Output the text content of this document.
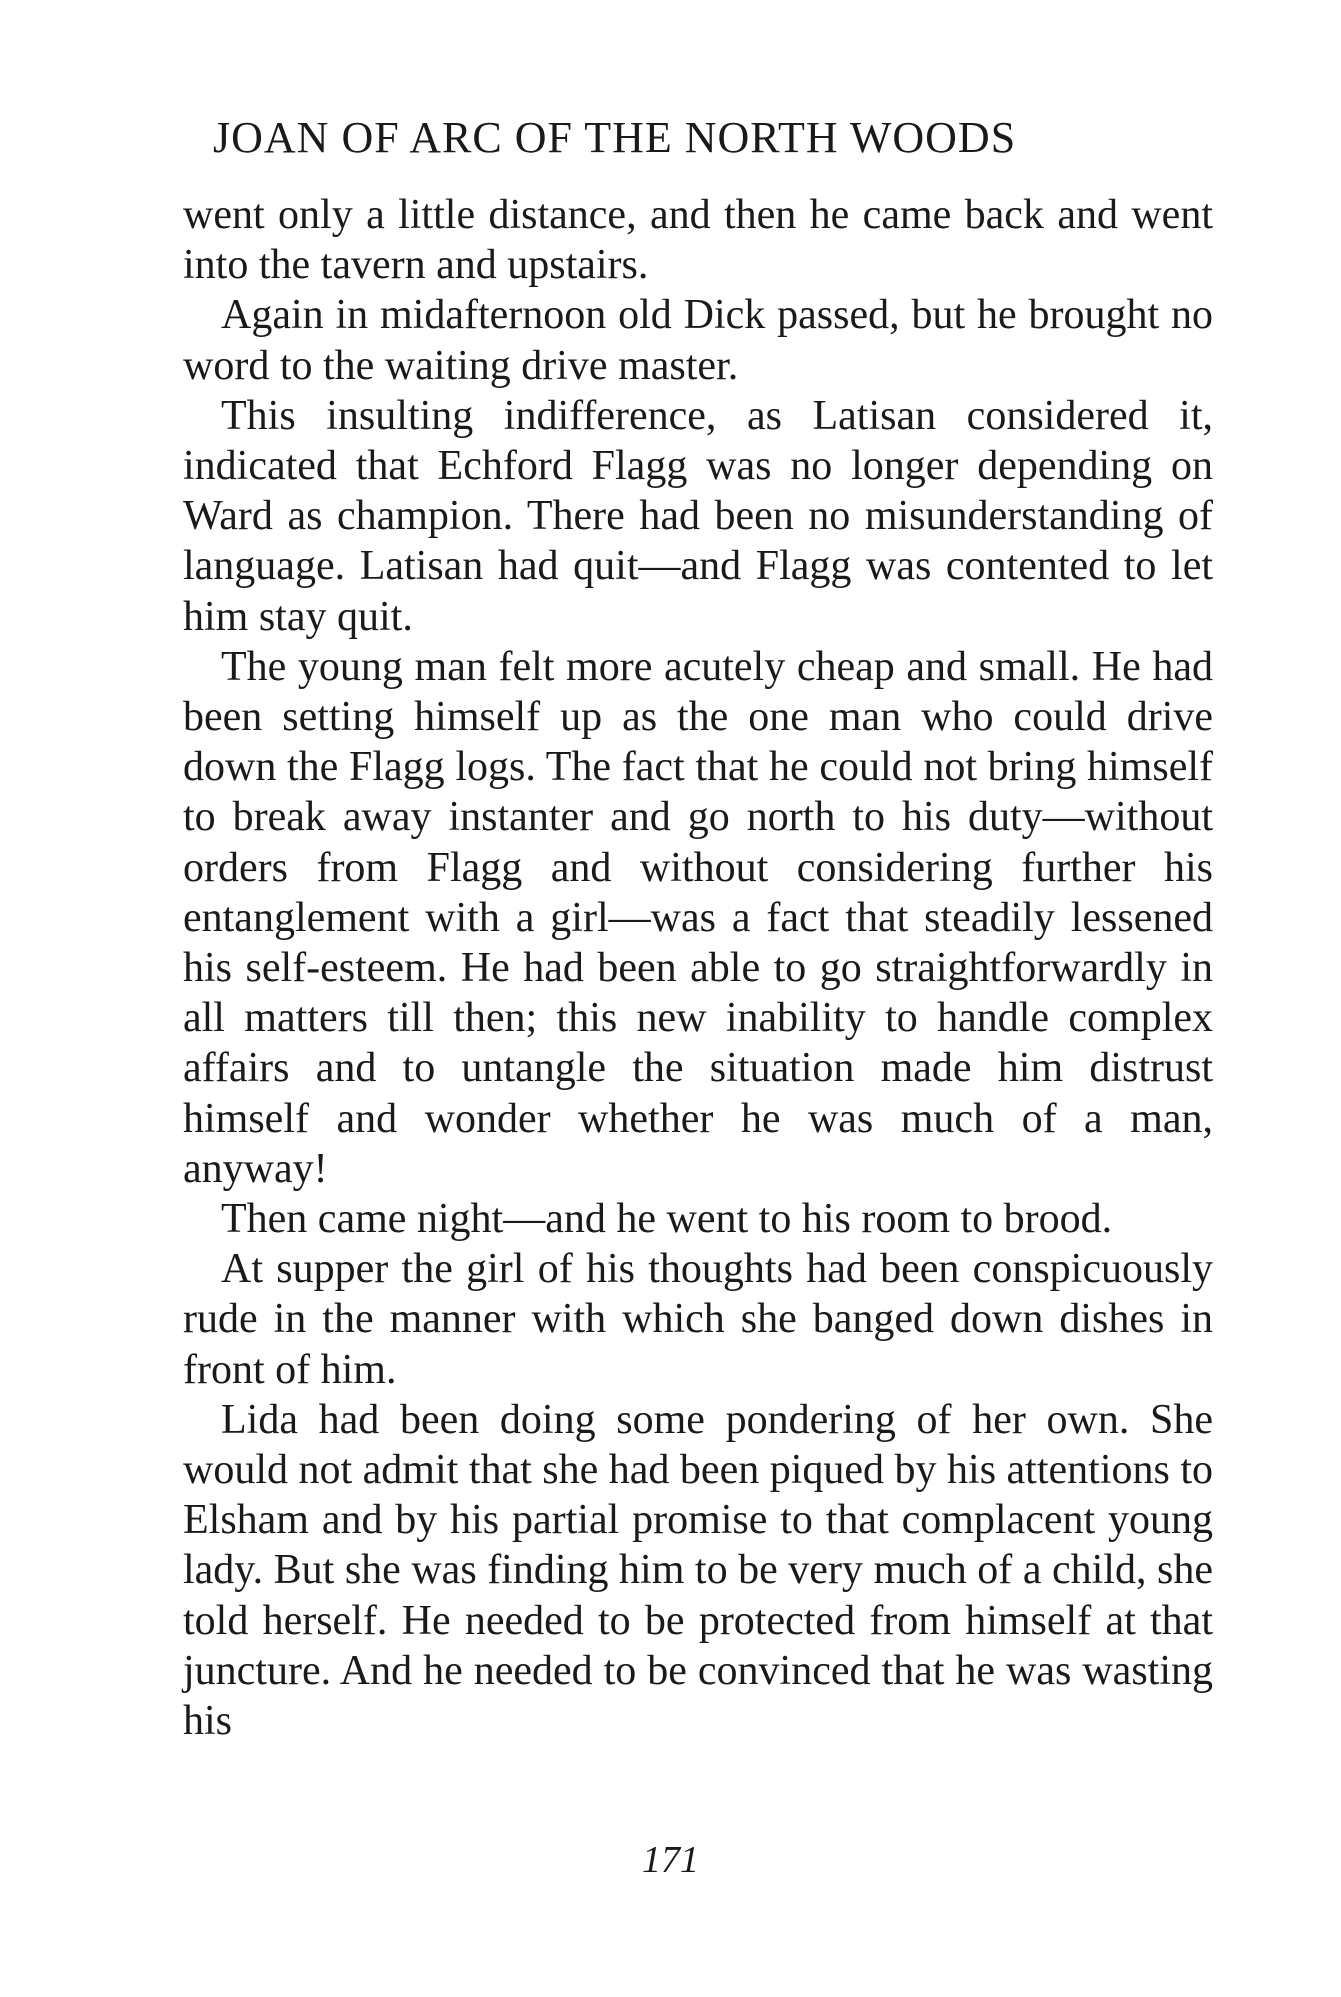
JOAN OF ARC OF THE NORTH WOODS

went only a little distance, and then he came back and went into the tavern and upstairs.

Again in midafternoon old Dick passed, but he brought no word to the waiting drive master.

This insulting indifference, as Latisan considered it, indicated that Echford Flagg was no longer depending on Ward as champion. There had been no misunderstanding of language. Latisan had quit—and Flagg was contented to let him stay quit.

The young man felt more acutely cheap and small. He had been setting himself up as the one man who could drive down the Flagg logs. The fact that he could not bring himself to break away instanter and go north to his duty—without orders from Flagg and without considering further his entanglement with a girl—was a fact that steadily lessened his self-esteem. He had been able to go straightforwardly in all matters till then; this new inability to handle complex affairs and to untangle the situation made him distrust himself and wonder whether he was much of a man, anyway!

Then came night—and he went to his room to brood.

At supper the girl of his thoughts had been conspicuously rude in the manner with which she banged down dishes in front of him.

Lida had been doing some pondering of her own. She would not admit that she had been piqued by his attentions to Elsham and by his partial promise to that complacent young lady. But she was finding him to be very much of a child, she told herself. He needed to be protected from himself at that juncture. And he needed to be convinced that he was wasting his

171
